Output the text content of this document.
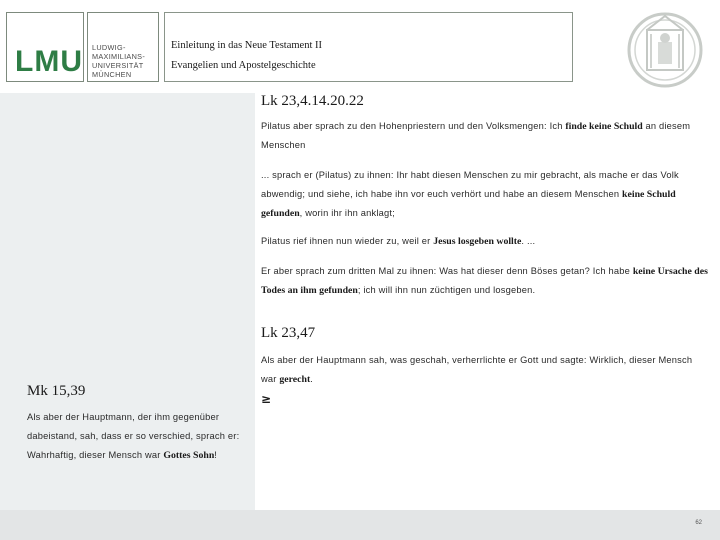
LMU LUDWIG-
MAXIMILIANS-
UNIVERSITÄT
MÜNCHEN
Einleitung in das Neue Testament II
Evangelien und Apostelgeschichte
Lk 23,4.14.20.22
Pilatus aber sprach zu den Hohenpriestern und den Volksmengen: Ich finde keine Schuld an diesem Menschen
... sprach er (Pilatus) zu ihnen: Ihr habt diesen Menschen zu mir gebracht, als mache er das Volk abwendig; und siehe, ich habe ihn vor euch verhört und habe an diesem Menschen keine Schuld gefunden, worin ihr ihn anklagt;
Pilatus rief ihnen nun wieder zu, weil er Jesus losgeben wollte. ...
Er aber sprach zum dritten Mal zu ihnen: Was hat dieser denn Böses getan? Ich habe keine Ursache des Todes an ihm gefunden; ich will ihn nun züchtigen und losgeben.
Lk 23,47
Als aber der Hauptmann sah, was geschah, verherrlichte er Gott und sagte: Wirklich, dieser Mensch war gerecht.
≥
Mk 15,39
Als aber der Hauptmann, der ihm gegenüber dabeistand, sah, dass er so verschied, sprach er: Wahrhaftig, dieser Mensch war Gottes Sohn!
62
